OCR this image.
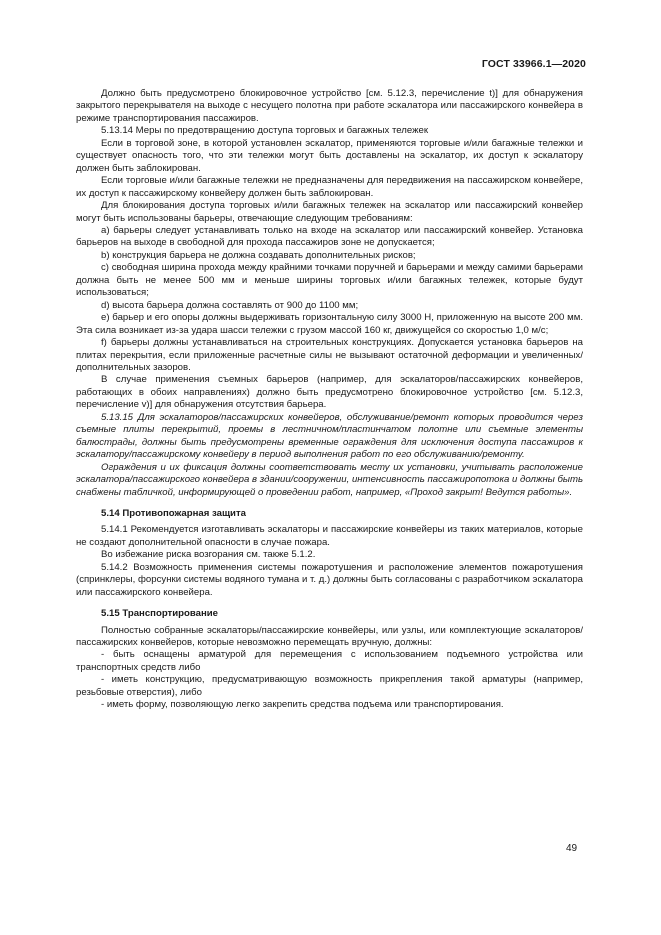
ГОСТ 33966.1—2020

Должно быть предусмотрено блокировочное устройство [см. 5.12.3, перечисление t)] для обнаружения закрытого перекрывателя на выходе с несущего полотна при работе эскалатора или пассажирского конвейера в режиме транспортирования пассажиров.

5.13.14 Меры по предотвращению доступа торговых и багажных тележек

Если в торговой зоне, в которой установлен эскалатор, применяются торговые и/или багажные тележки и существует опасность того, что эти тележки могут быть доставлены на эскалатор, их доступ к эскалатору должен быть заблокирован.

Если торговые и/или багажные тележки не предназначены для передвижения на пассажирском конвейере, их доступ к пассажирскому конвейеру должен быть заблокирован.

Для блокирования доступа торговых и/или багажных тележек на эскалатор или пассажирский конвейер могут быть использованы барьеры, отвечающие следующим требованиям:

a) барьеры следует устанавливать только на входе на эскалатор или пассажирский конвейер. Установка барьеров на выходе в свободной для прохода пассажиров зоне не допускается;

b) конструкция барьера не должна создавать дополнительных рисков;

c) свободная ширина прохода между крайними точками поручней и барьерами и между самими барьерами должна быть не менее 500 мм и меньше ширины торговых и/или багажных тележек, которые будут использоваться;

d) высота барьера должна составлять от 900 до 1100 мм;

e) барьер и его опоры должны выдерживать горизонтальную силу 3000 Н, приложенную на высоте 200 мм. Эта сила возникает из-за удара шасси тележки с грузом массой 160 кг, движущейся со скоростью 1,0 м/с;

f) барьеры должны устанавливаться на строительных конструкциях. Допускается установка барьеров на плитах перекрытия, если приложенные расчетные силы не вызывают остаточной деформации и увеличенных/дополнительных зазоров.

В случае применения съемных барьеров (например, для эскалаторов/пассажирских конвейеров, работающих в обоих направлениях) должно быть предусмотрено блокировочное устройство [см. 5.12.3, перечисление v)] для обнаружения отсутствия барьера.

5.13.15 Для эскалаторов/пассажирских конвейеров, обслуживание/ремонт которых проводится через съемные плиты перекрытий, проемы в лестничном/пластинчатом полотне или съемные элементы балюстрады, должны быть предусмотрены временные ограждения для исключения доступа пассажиров к эскалатору/пассажирскому конвейеру в период выполнения работ по его обслуживанию/ремонту.

Ограждения и их фиксация должны соответствовать месту их установки, учитывать расположение эскалатора/пассажирского конвейера в здании/сооружении, интенсивность пассажиропотока и должны быть снабжены табличкой, информирующей о проведении работ, например, «Проход закрыт! Ведутся работы».

5.14 Противопожарная защита

5.14.1 Рекомендуется изготавливать эскалаторы и пассажирские конвейеры из таких материалов, которые не создают дополнительной опасности в случае пожара.

Во избежание риска возгорания см. также 5.1.2.

5.14.2 Возможность применения системы пожаротушения и расположение элементов пожаротушения (спринклеры, форсунки системы водяного тумана и т. д.) должны быть согласованы с разработчиком эскалатора или пассажирского конвейера.

5.15 Транспортирование

Полностью собранные эскалаторы/пассажирские конвейеры, или узлы, или комплектующие эскалаторов/пассажирских конвейеров, которые невозможно перемещать вручную, должны:

- быть оснащены арматурой для перемещения с использованием подъемного устройства или транспортных средств либо

- иметь конструкцию, предусматривающую возможность прикрепления такой арматуры (например, резьбовые отверстия), либо

- иметь форму, позволяющую легко закрепить средства подъема или транспортирования.

49
